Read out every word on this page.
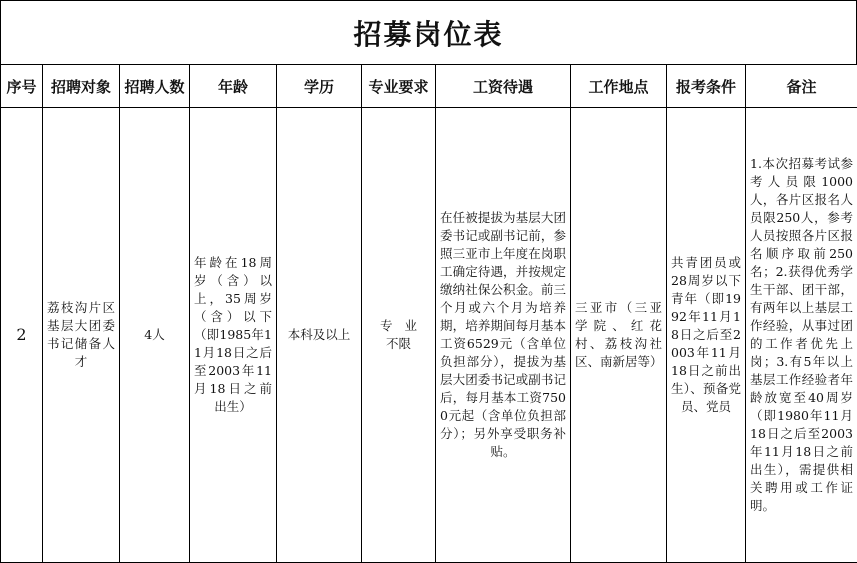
招募岗位表
序号	招聘对象	招聘人数	年龄	学历	专业要求	工资待遇	工作地点	报考条件	备注

2	荔枝沟片区基层大团委书记储备人才	4人	年龄在18周岁（含）以上，35周岁（含）以下（即1985年11月18日之后至2003年11月18日之前出生）	本科及以上	专业不限	在任被提拔为基层大团委书记或副书记前，参照三亚市上年度在岗职工确定待遇，并按规定缴纳社保公积金。前三个月或六个月为培养期，培养期间每月基本工资6529元（含单位负担部分），提拔为基层大团委书记或副书记后，每月基本工资7500元起（含单位负担部分）；另外享受职务补贴。	三亚市（三亚学院、红花村、荔枝沟社区、南新居等）	共青团员或28周岁以下青年（即1992年11月18日之后至2003年11月18日之前出生）、预备党员、党员	1.本次招募考试参考人员限1000人，各片区报名人员限250人，参考人员按照各片区报名顺序取前250名；2.获得优秀学生干部、团干部，有两年以上基层工作经验，从事过团的工作者优先上岗；3.有5年以上基层工作经验者年龄放宽至40周岁（即1980年11月18日之后至2003年11月18日之前出生），需提供相关聘用或工作证明。
